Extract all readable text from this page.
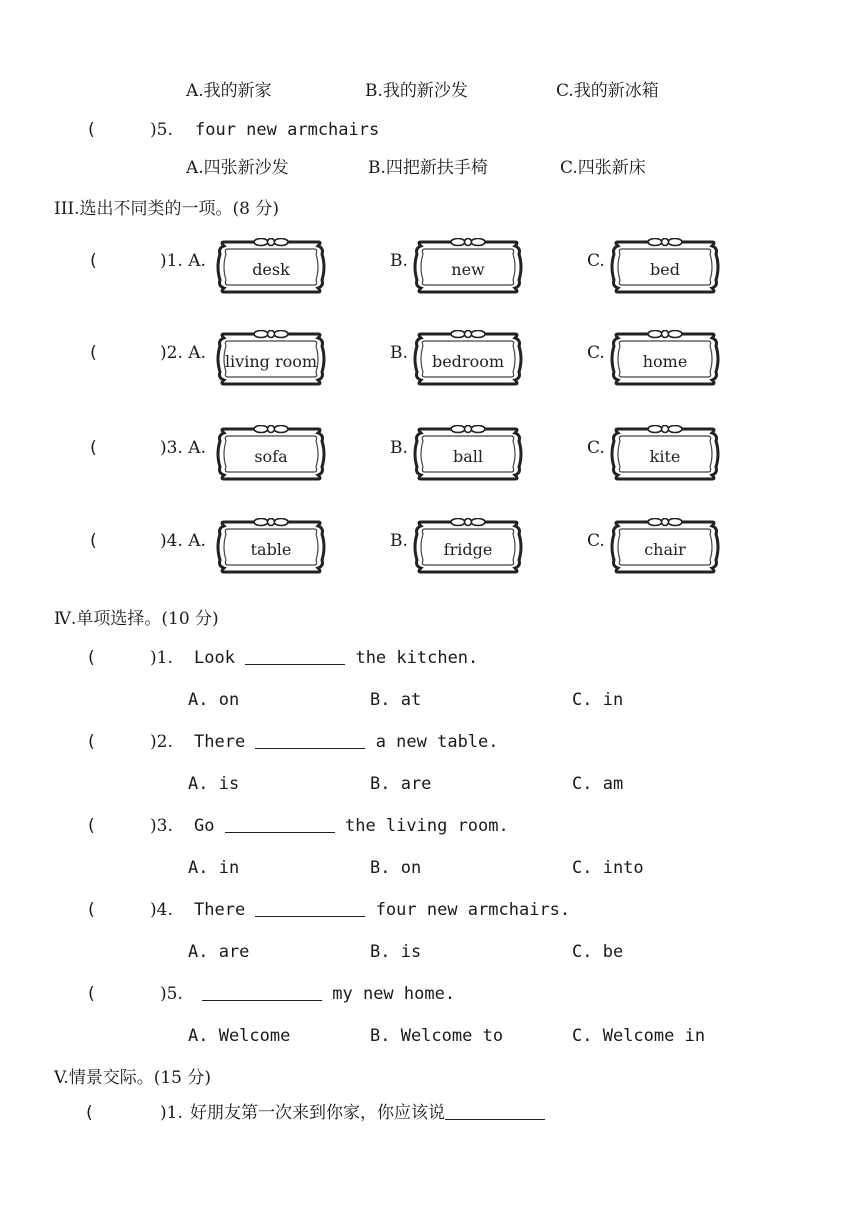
A.我的新家	B.我的新沙发	C.我的新冰箱
(	)5. four new armchairs
A.四张新沙发	B.四把新扶手椅	C.四张新床
III.选出不同类的一项。(8 分)
(	)1. A.	desk	B.	new	C.	bed
(	)2. A.	living room	B.	bedroom	C.	home
(	)3. A.	sofa	B.	ball	C.	kite
(	)4. A.	table	B.	fridge	C.	chair
Ⅳ.单项选择。(10 分)
(	)1. Look	the kitchen.
A. on	B. at	C. in
(	)2. There	a new table.
A. is	B. are	C. am
(	)3. Go	the living room.
A. in	B. on	C. into
(	)4. There	four new armchairs.
A. are	B. is	C. be
(	)5.	my new home.
A. Welcome	B. Welcome to	C. Welcome in
V.情景交际。(15 分)
(	)1. 好朋友第一次来到你家，你应该说
